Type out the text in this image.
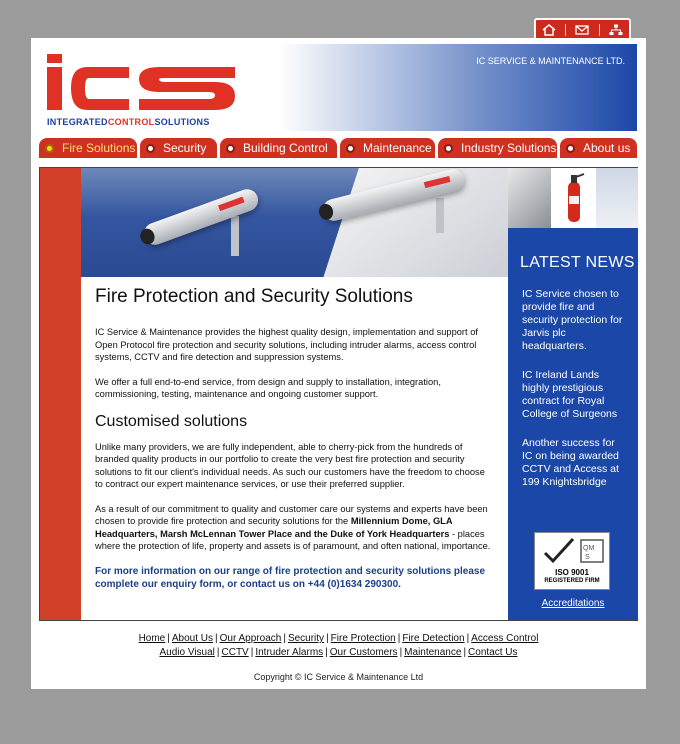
INTEGRATEDCONTROLSOLUTIONS
IC SERVICE & MAINTENANCE LTD.
Fire Solutions Security	Building Control	Maintenance Industry Solutions About us
LATEST NEWS

IC Service chosen to provide fire and security protection for Jarvis plc headquarters.

IC Ireland Lands highly prestigious contract for Royal College of Surgeons

Another success for IC on being awarded CCTV and Access at 199 Knightsbridge

QM
S
ISO 9001
REGISTERED FIRM
Accreditations
Fire Protection and Security Solutions

IC Service & Maintenance provides the highest quality design, implementation and support of Open Protocol fire protection and security solutions, including intruder alarms, access control systems, CCTV and fire detection and suppression systems.

We offer a full end-to-end service, from design and supply to installation, integration, commissioning, testing, maintenance and ongoing customer support.

Customised solutions

Unlike many providers, we are fully independent, able to cherry-pick from the hundreds of branded quality products in our portfolio to create the very best fire protection and security solutions to fit our client's individual needs. As such our customers have the freedom to choose to contract our expert maintenance services, or use their preferred supplier.

As a result of our commitment to quality and customer care our systems and experts have been chosen to provide fire protection and security solutions for the Millennium Dome, GLA Headquarters, Marsh McLennan Tower Place and the Duke of York Headquarters - places where the protection of life, property and assets is of paramount, and often national, importance.

For more information on our range of fire protection and security solutions please complete our enquiry form, or contact us on +44 (0)1634 290300.

Home | About Us | Our Approach | Security | Fire Protection | Fire Detection | Access Control
Audio Visual | CCTV | Intruder Alarms | Our Customers | Maintenance | Contact Us
Copyright © IC Service & Maintenance Ltd
